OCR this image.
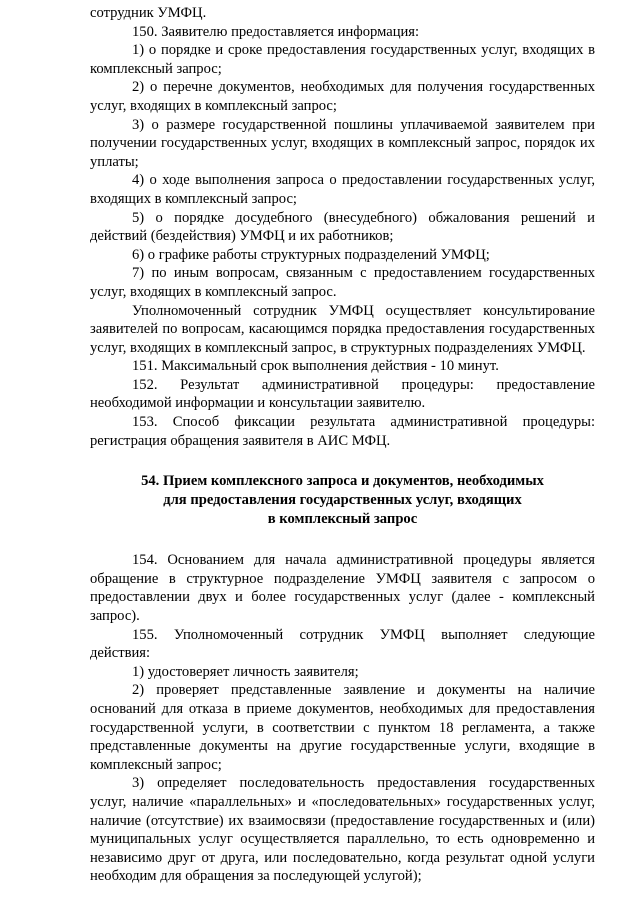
сотрудник УМФЦ.

150. Заявителю предоставляется информация:

1) о порядке и сроке предоставления государственных услуг, входящих в комплексный запрос;

2) о перечне документов, необходимых для получения государственных услуг, входящих в комплексный запрос;

3) о размере государственной пошлины уплачиваемой заявителем при получении государственных услуг, входящих в комплексный запрос, порядок их уплаты;

4) о ходе выполнения запроса о предоставлении государственных услуг, входящих в комплексный запрос;

5) о порядке досудебного (внесудебного) обжалования решений и действий (бездействия) УМФЦ и их работников;

6) о графике работы структурных подразделений УМФЦ;

7) по иным вопросам, связанным с предоставлением государственных услуг, входящих в комплексный запрос.

Уполномоченный сотрудник УМФЦ осуществляет консультирование заявителей по вопросам, касающимся порядка предоставления государственных услуг, входящих в комплексный запрос, в структурных подразделениях УМФЦ.

151. Максимальный срок выполнения действия - 10 минут.

152. Результат административной процедуры: предоставление необходимой информации и консультации заявителю.

153. Способ фиксации результата административной процедуры: регистрация обращения заявителя в АИС МФЦ.

54. Прием комплексного запроса и документов, необходимых
для предоставления государственных услуг, входящих
в комплексный запрос

154. Основанием для начала административной процедуры является обращение в структурное подразделение УМФЦ заявителя с запросом о предоставлении двух и более государственных услуг (далее - комплексный запрос).

155. Уполномоченный сотрудник УМФЦ выполняет следующие действия:

1) удостоверяет личность заявителя;

2) проверяет представленные заявление и документы на наличие оснований для отказа в приеме документов, необходимых для предоставления государственной услуги, в соответствии с пунктом 18 регламента, а также представленные документы на другие государственные услуги, входящие в комплексный запрос;

3) определяет последовательность предоставления государственных услуг, наличие «параллельных» и «последовательных» государственных услуг, наличие (отсутствие) их взаимосвязи (предоставление государственных и (или) муниципальных услуг осуществляется параллельно, то есть одновременно и независимо друг от друга, или последовательно, когда результат одной услуги необходим для обращения за последующей услугой);
